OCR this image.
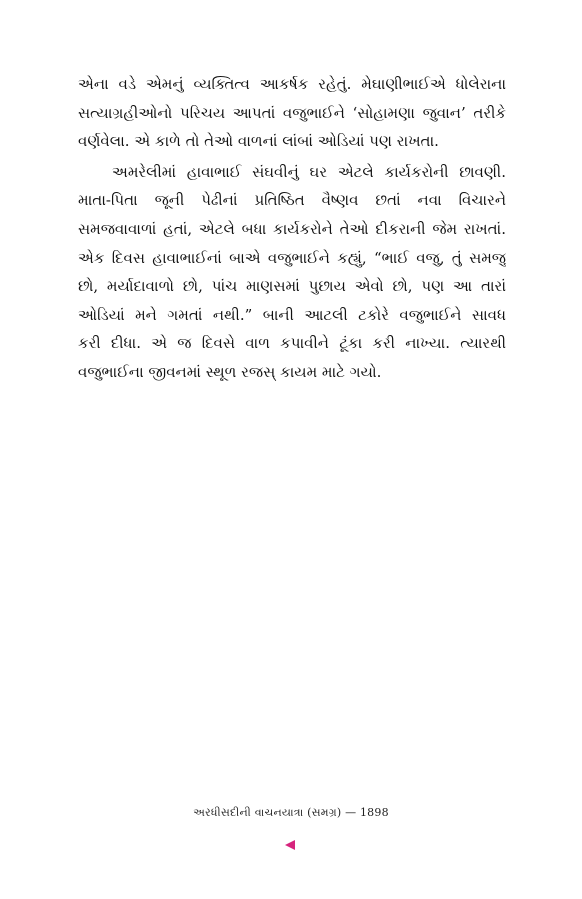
એના વડે એમનું વ્યક્તિત્વ આકર્ષક રહેતું. મેઘાણીભાઈએ ધોલેરાના
સત્યાગ્રહીઓનો પરિચય આપતાં વજુભાઈને ‘સોહામણા જુવાન’ તરીકે
વર્ણવેલા. એ કાળે તો તેઓ વાળનાં લાંબાં ઓડિયાં પણ રાખતા.
અમરેલીમાં હાવાભાઈ સંઘવીનું ઘર એટલે કાર્યકરોની છાવણી.
માતા-પિતા જૂની પેઢીનાં પ્રતિષ્ઠિત વૈષ્ણવ છતાં નવા વિચારને
સમજવાવાળાં હતાં, એટલે બધા કાર્યકરોને તેઓ દીકરાની જેમ રાખતાં.
એક દિવસ હાવાભાઈનાં બાએ વજુભાઈને કહ્યું, “ભાઈ વજુ, તું સમજુ
છો, મર્યાદાવાળો છો, પાંચ માણસમાં પુછાય એવો છો, પણ આ તારાં
ઓડિયાં મને ગમતાં નથી.” બાની આટલી ટકોરે વજુભાઈને સાવધ
કરી દીધા. એ જ દિવસે વાળ કપાવીને ટૂંકા કરી નાખ્યા. ત્યારથી
વજુભાઈના જીવનમાં સ્થૂળ રજસ્ કાયમ માટે ગયો.
અરધીસદીની વાચનયાત્રા (સમગ્ર) — 1898
